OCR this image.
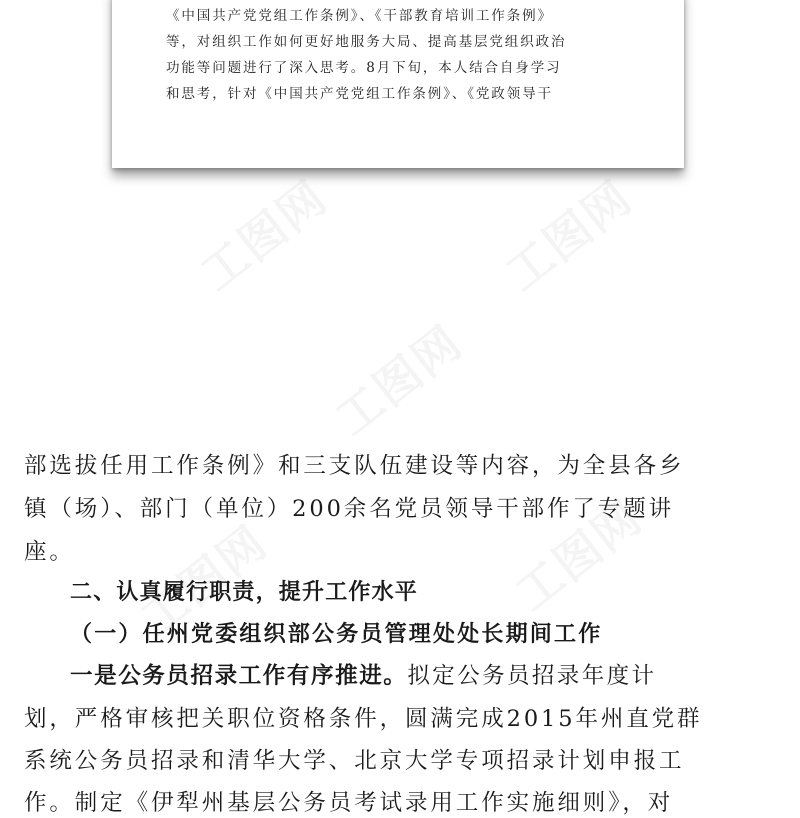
《中国共产党党组工作条例》、《干部教育培训工作条例》
等，对组织工作如何更好地服务大局、提高基层党组织政治
功能等问题进行了深入思考。8月下旬，本人结合自身学习
和思考，针对《中国共产党党组工作条例》、《党政领导干
部选拔任用工作条例》和三支队伍建设等内容，为全县各乡
镇（场）、部门（单位）200余名党员领导干部作了专题讲
座。
二、认真履行职责，提升工作水平
（一）任州党委组织部公务员管理处处长期间工作
一是公务员招录工作有序推进。拟定公务员招录年度计
划，严格审核把关职位资格条件，圆满完成2015年州直党群
系统公务员招录和清华大学、北京大学专项招录计划申报工
作。制定《伊犁州基层公务员考试录用工作实施细则》，对
